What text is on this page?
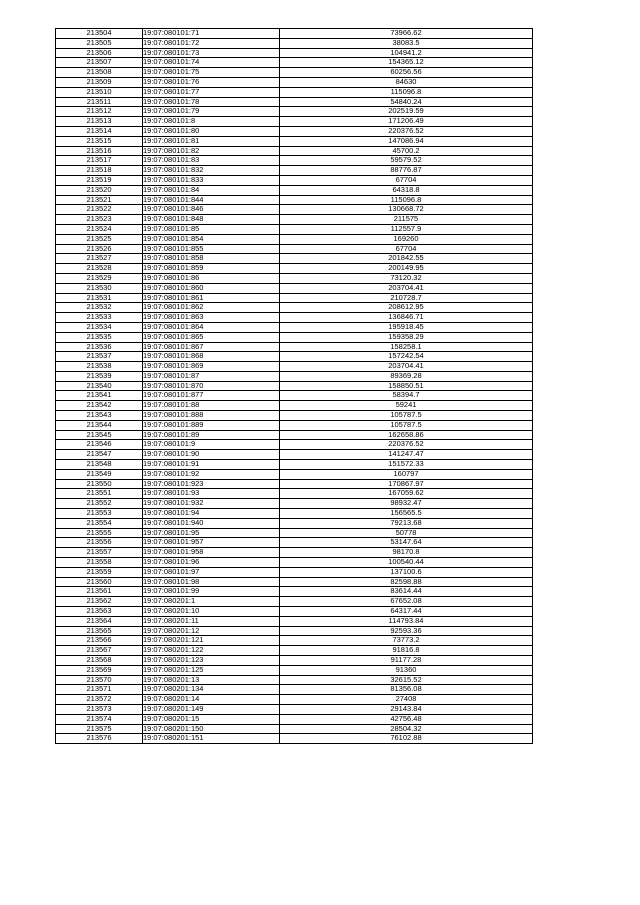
213504	19:07:080101:71	73966.62
213505	19:07:080101:72	38083.5
213506	19:07:080101:73	104941.2
213507	19:07:080101:74	154365.12
213508	19:07:080101:75	60256.56
213509	19:07:080101:76	84630
213510	19:07:080101:77	115096.8
213511	19:07:080101:78	54840.24
213512	19:07:080101:79	202519.59
213513	19:07:080101:8	171206.49
213514	19:07:080101:80	220376.52
213515	19:07:080101:81	147086.94
213516	19:07:080101:82	45700.2
213517	19:07:080101:83	59579.52
213518	19:07:080101:832	88776.87
213519	19:07:080101:833	67704
213520	19:07:080101:84	64318.8
213521	19:07:080101:844	115096.8
213522	19:07:080101:846	130668.72
213523	19:07:080101:848	211575
213524	19:07:080101:85	112557.9
213525	19:07:080101:854	169260
213526	19:07:080101:855	67704
213527	19:07:080101:858	201842.55
213528	19:07:080101:859	200149.95
213529	19:07:080101:86	73120.32
213530	19:07:080101:860	203704.41
213531	19:07:080101:861	210728.7
213532	19:07:080101:862	208612.95
213533	19:07:080101:863	136846.71
213534	19:07:080101:864	195918.45
213535	19:07:080101:865	159358.29
213536	19:07:080101:867	158258.1
213537	19:07:080101:868	157242.54
213538	19:07:080101:869	203704.41
213539	19:07:080101:87	89369.28
213540	19:07:080101:870	158850.51
213541	19:07:080101:877	58394.7
213542	19:07:080101:88	59241
213543	19:07:080101:888	105787.5
213544	19:07:080101:889	105787.5
213545	19:07:080101:89	162658.86
213546	19:07:080101:9	220376.52
213547	19:07:080101:90	141247.47
213548	19:07:080101:91	151572.33
213549	19:07:080101:92	160797
213550	19:07:080101:923	170867.97
213551	19:07:080101:93	167059.62
213552	19:07:080101:932	98932.47
213553	19:07:080101:94	156565.5
213554	19:07:080101:940	79213.68
213555	19:07:080101:95	50778
213556	19:07:080101:957	53147.64
213557	19:07:080101:958	98170.8
213558	19:07:080101:96	100540.44
213559	19:07:080101:97	137100.6
213560	19:07:080101:98	82598.88
213561	19:07:080101:99	83614.44
213562	19:07:080201:1	67652.08
213563	19:07:080201:10	64317.44
213564	19:07:080201:11	114793.84
213565	19:07:080201:12	92593.36
213566	19:07:080201:121	73773.2
213567	19:07:080201:122	91816.8
213568	19:07:080201:123	91177.28
213569	19:07:080201:125	91360
213570	19:07:080201:13	32615.52
213571	19:07:080201:134	81356.08
213572	19:07:080201:14	27408
213573	19:07:080201:149	29143.84
213574	19:07:080201:15	42756.48
213575	19:07:080201:150	28504.32
213576	19:07:080201:151	76102.88
